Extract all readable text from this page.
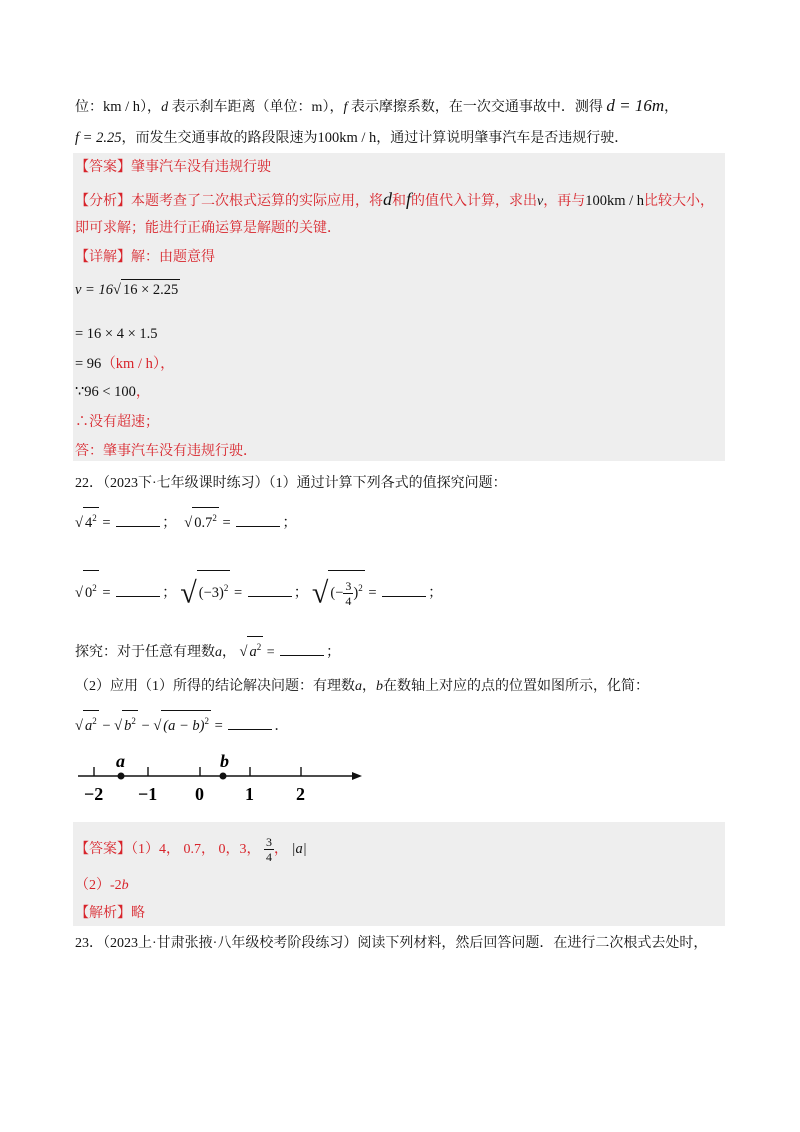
位：km / h），d 表示刹车距离（单位：m），f 表示摩擦系数，在一次交通事故中．测得 d = 16m，
f = 2.25，而发生交通事故的路段限速为100km / h，通过计算说明肇事汽车是否违规行驶．
【答案】肇事汽车没有违规行驶
【分析】本题考查了二次根式运算的实际应用，将d和f的值代入计算，求出v，再与100km / h比较大小，
即可求解；能进行正确运算是解题的关键．
【详解】解：由题意得
v = 16√ 16 × 2.25
= 16 × 4 × 1.5
= 96（km / h），
∵96 < 100，
∴没有超速；
答：肇事汽车没有违规行驶．
22．（2023下·七年级课时练习）（1）通过计算下列各式的值探究问题：
√ $4^2$ =	； √ $0.7^2$ =	；
√ $0^2$ =	； √ $(-3)^2$ =	； √ (− $\frac{3}{4} )^2$ =	；
探究：对于任意有理数a， √ $a^2$ =	；
（2）应用（1）所得的结论解决问题：有理数a，b在数轴上对应的点的位置如图所示，化简：
√ $a^2$ − √ $b^2$ − √ $(a - b)^2$ =	．
a	b
−2 −1 0 1 2
【答案】（1）4， 0.7， 0，3， $\frac{3}{4}$ ， |a|
（2）-2b
【解析】略
23．（2023上·甘肃张掖·八年级校考阶段练习）阅读下列材料，然后回答问题．在进行二次根式去处时，
